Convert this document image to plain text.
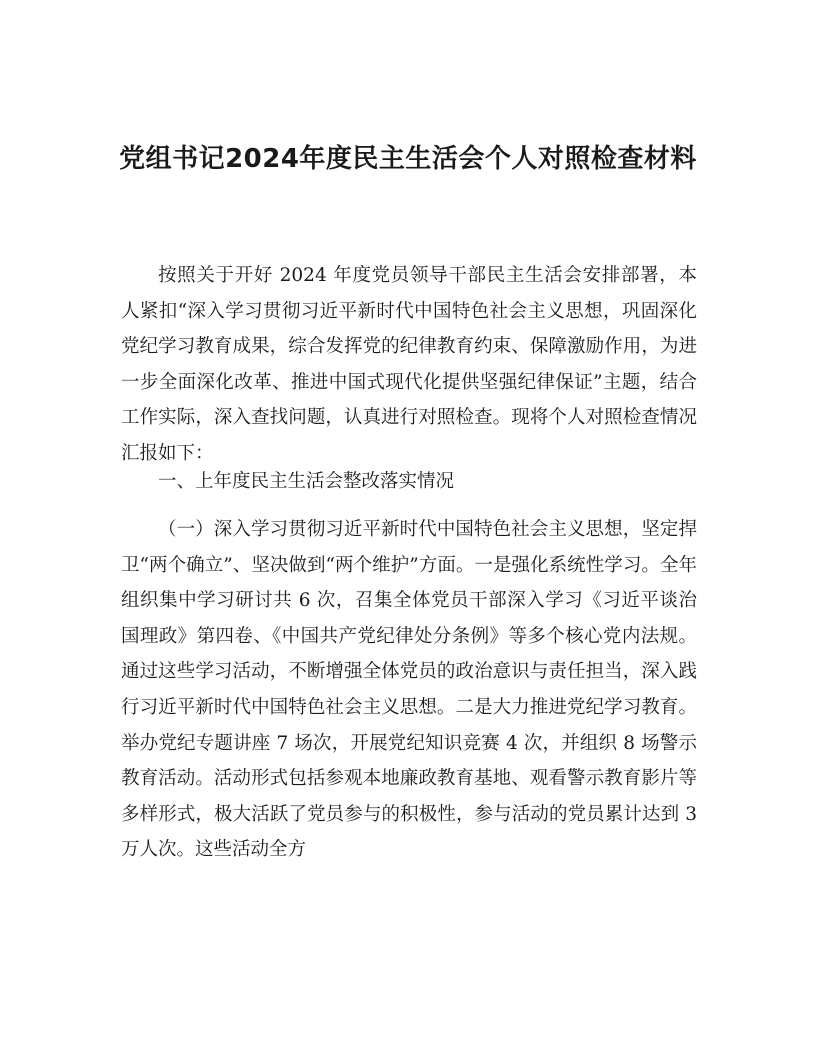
党组书记2024年度民主生活会个人对照检查材料

按照关于开好 2024 年度党员领导干部民主生活会安排部署，本人紧扣“深入学习贯彻习近平新时代中国特色社会主义思想，巩固深化党纪学习教育成果，综合发挥党的纪律教育约束、保障激励作用，为进一步全面深化改革、推进中国式现代化提供坚强纪律保证”主题，结合工作实际，深入查找问题，认真进行对照检查。现将个人对照检查情况汇报如下：

一、上年度民主生活会整改落实情况

（一）深入学习贯彻习近平新时代中国特色社会主义思想，坚定捍卫“两个确立”、坚决做到“两个维护”方面。一是强化系统性学习。全年组织集中学习研讨共 6 次，召集全体党员干部深入学习《习近平谈治国理政》第四卷、《中国共产党纪律处分条例》等多个核心党内法规。通过这些学习活动，不断增强全体党员的政治意识与责任担当，深入践行习近平新时代中国特色社会主义思想。二是大力推进党纪学习教育。举办党纪专题讲座 7 场次，开展党纪知识竞赛 4 次，并组织 8 场警示教育活动。活动形式包括参观本地廉政教育基地、观看警示教育影片等多样形式，极大活跃了党员参与的积极性，参与活动的党员累计达到 3 万人次。这些活动全方
